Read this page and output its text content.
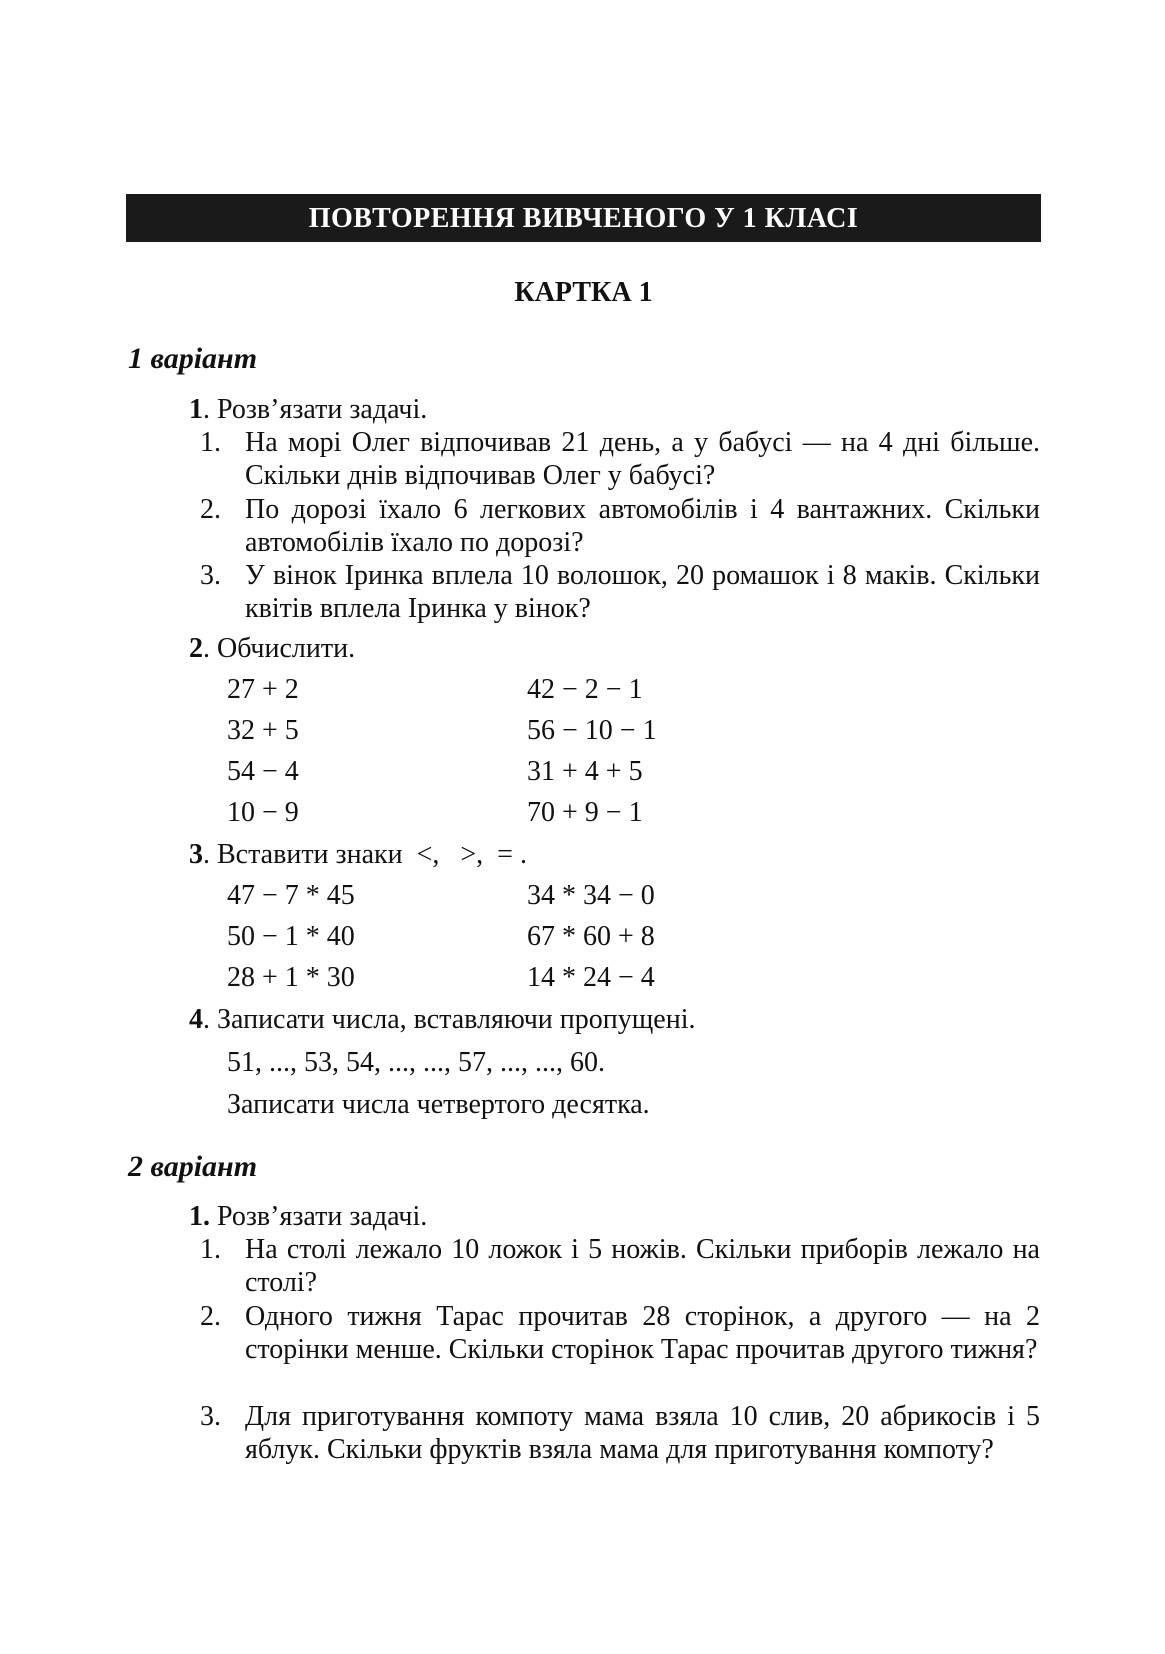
ПОВТОРЕННЯ ВИВЧЕНОГО У 1 КЛАСІ
КАРТКА 1
1 варіант
1. Розв’язати задачі.
1. На морі Олег відпочивав 21 день, а у бабусі — на 4 дні більше. Скільки днів відпочивав Олег у бабусі?
2. По дорозі їхало 6 легкових автомобілів і 4 вантажних. Скільки автомобілів їхало по дорозі?
3. У вінок Іринка вплела 10 волошок, 20 ромашок і 8 маків. Скільки квітів вплела Іринка у вінок?
2. Обчислити.
27 + 2	42 − 2 − 1
32 + 5	56 − 10 − 1
54 − 4	31 + 4 + 5
10 − 9	70 + 9 − 1
3. Вставити знаки  <,   >,  = .
47 − 7 * 45	34 * 34 − 0
50 − 1 * 40	67 * 60 + 8
28 + 1 * 30	14 * 24 − 4
4. Записати числа, вставляючи пропущені.
51, ..., 53, 54, ..., ..., 57, ..., ..., 60.
Записати числа четвертого десятка.
2 варіант
1. Розв’язати задачі.
1. На столі лежало 10 ложок і 5 ножів. Скільки приборів лежало на столі?
2. Одного тижня Тарас прочитав 28 сторінок, а другого — на 2 сторінки менше. Скільки сторінок Тарас прочитав другого тижня?
3. Для приготування компоту мама взяла 10 слив, 20 абрикосів і 5 яблук. Скільки фруктів взяла мама для приготування компоту?
